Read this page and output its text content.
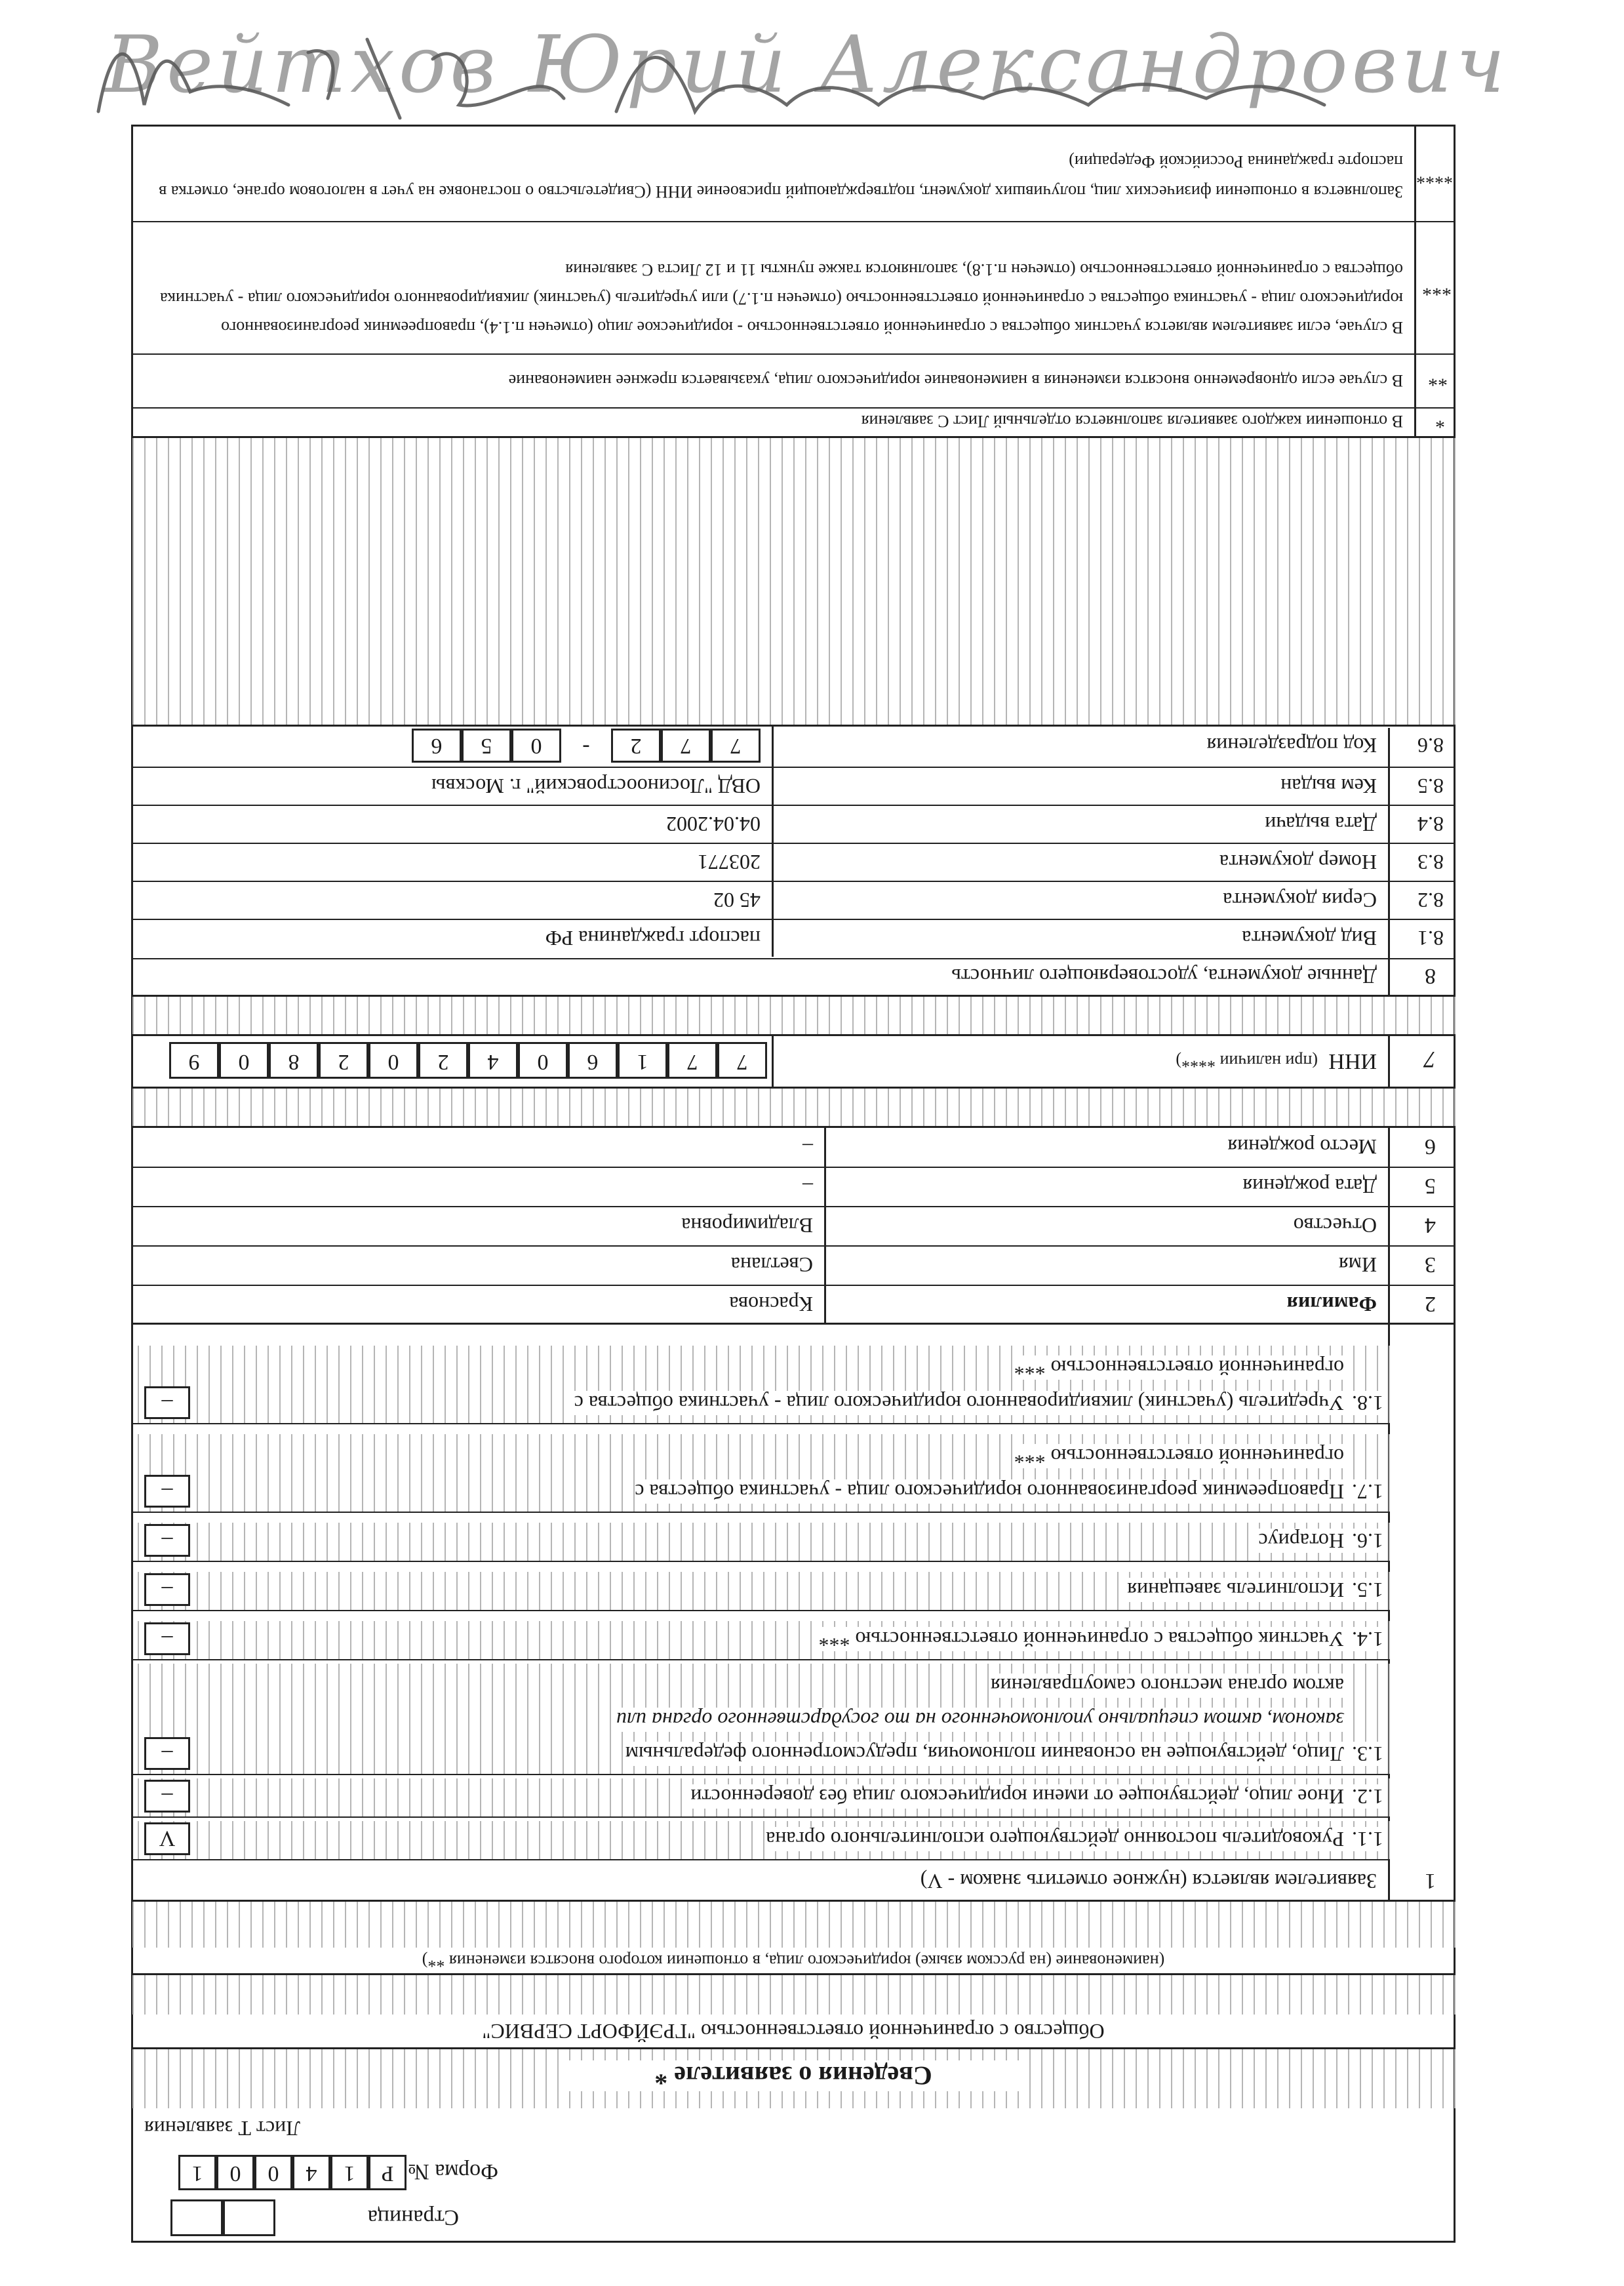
Вейтхов Юрий Александрович
Страница
Форма №
Р
1
4
0
0
1
Лист Т заявления
Сведения о заявителе *
Общество с ограниченной ответственностью "ГРЭЙФОРТ СЕРВИС"
(наименование (на русском языке) юридического лица, в отношении которого вносятся изменения **)
1
Заявителем является (нужное отметить знаком - V)
1.1.
Руководитель постоянно действующего исполнительного органа
V
1.2.
Иное лицо, действующее от имени юридического лица без доверенности
–
1.3.
Лицо, действующее на основании полномочия, предусмотренного федеральным
законом, актом специально уполномоченного на то государственного органа или
актом органа местного самоуправления
–
1.4.
Участник общества с ограниченной ответственностью ***
–
1.5.
Исполнитель завещания
–
1.6.
Нотариус
–
1.7.
Правопреемник реорганизованного юридического лица - участника общества с
ограниченной ответственностью ***
–
1.8.
Учредитель (участник) ликвидированного юридического лица - участника общества с
ограниченной ответственностью ***
–
2
Фамилия
Краснова
3
Имя
Светлана
4
Отчество
Владимировна
5
Дата рождения
–
6
Место рождения
–
7
ИНН
(при наличии ****)
7
7
1
6
0
4
2
0
2
8
0
9
8
Данные документа, удостоверяющего личность
8.1
Вид документа
паспорт гражданина РФ
8.2
Серия документа
45 02
8.3
Номер документа
203771
8.4
Дата выдачи
04.04.2002
8.5
Кем выдан
ОВД "Лосиноостровский" г. Москвы
8.6
Код подразделения
7
7
2
-
0
5
6
*
В отношении каждого заявителя заполняется отдельный Лист С заявления
**
В случае если одновременно вносятся изменения в наименование юридического лица, указывается прежнее наименование
***
В случае, если заявителем является участник общества с ограниченной ответственностью - юридическое лицо (отмечен п.1.4), правопреемник реорганизованного юридического лица - участника общества с ограниченной ответственностью (отмечен п.1.7) или учредитель (участник) ликвидированного юридического лица - участника общества с ограниченной ответственностью (отмечен п.1.8), заполняются также пункты 11 и 12 Листа С заявления
****
Заполняется в отношении физических лиц, получивших документ, подтверждающий присвоение ИНН (Свидетельство о постановке на учет в налоговом органе, отметка в паспорте гражданина Российской Федерации)
